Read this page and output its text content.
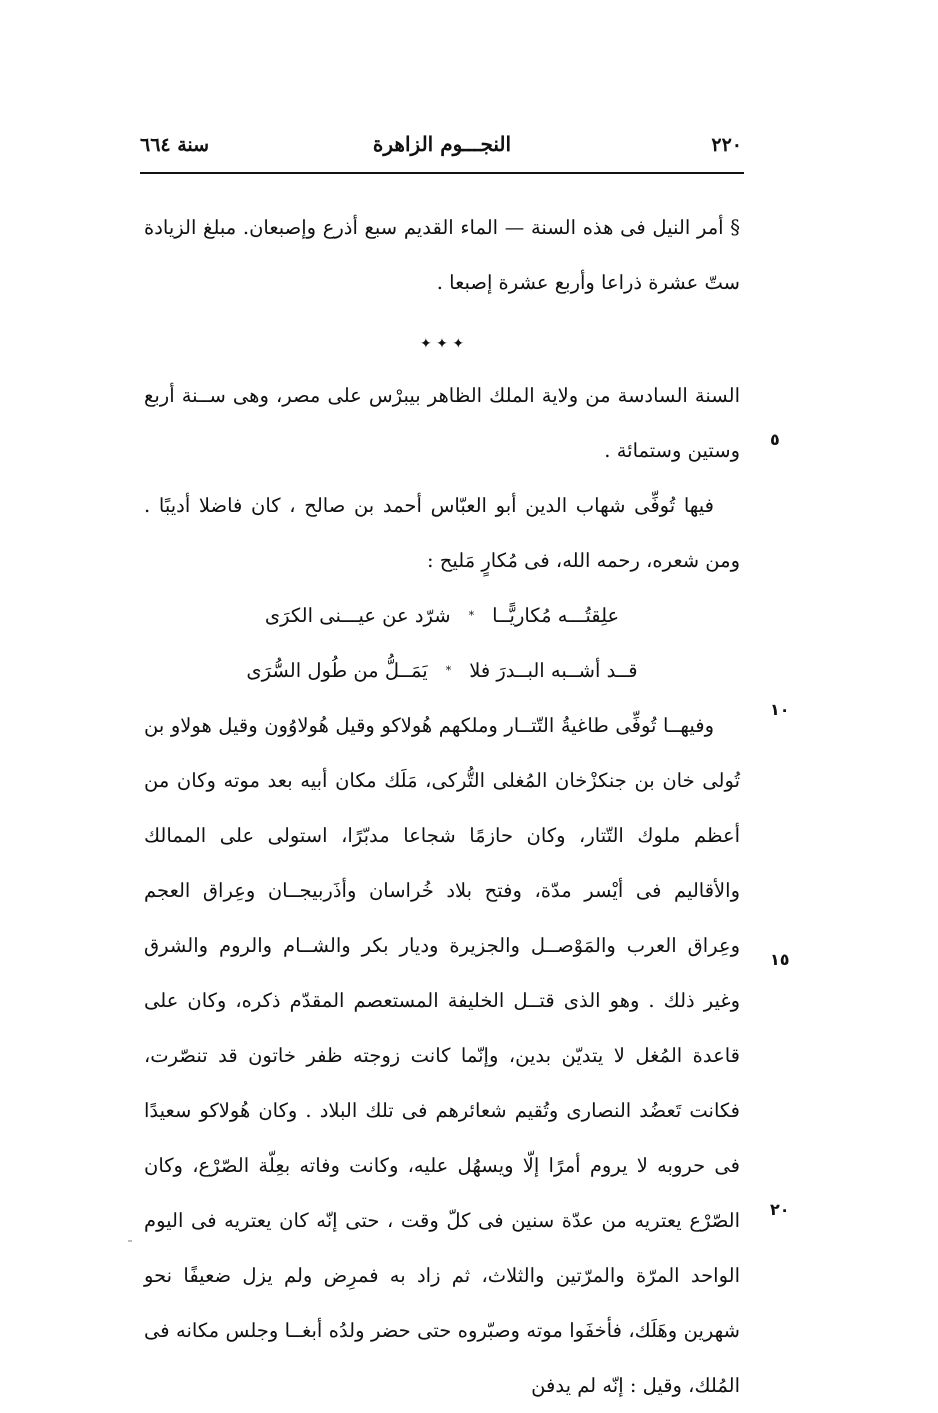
٢٢٠
النجـــوم الزاهرة
سنة ٦٦٤

§ أمر النيل فى هذه السنة — الماء القديم سبع أذرع وإصبعان. مبلغ الزيادة ستّ عشرة ذراعا وأربع عشرة إصبعا .

✦ ✦ ✦

السنة السادسة من ولاية الملك الظاهر بيبرْس على مصر، وهى ســنة أربع وستين وستمائة .

فيها تُوفِّى شهاب الدين أبو العبّاس أحمد بن صالح ، كان فاضلا أديبًا . ومن شعره، رحمه الله، فى مُكارٍ مَليح :

علِقتُـــه مُكاريًّــا
*
شرّد عن عيـــنى الكرَى
قــد أشــبه البــدرَ فلا
*
يَمَــلُّ من طُول السُّرَى

وفيهــا تُوفِّى طاغيةُ التّتــار وملكهم هُولاكو وقيل هُولاوُون وقيل هولاو بن تُولى خان بن جنكزْخان المُغلى التُّركى، مَلَك مكان أبيه بعد موته وكان من أعظم ملوك التّتار، وكان حازمًا شجاعا مدبّرًا، استولى على الممالك والأقاليم فى أيْسر مدّة، وفتح بلاد خُراسان وأذَربيجــان وعِراق العجم وعِراق العرب والمَوْصــل والجزيرة وديار بكر والشــام والروم والشرق وغير ذلك . وهو الذى قتــل الخليفة المستعصم المقدّم ذكره، وكان على قاعدة المُغل لا يتديّن بدين، وإنّما كانت زوجته ظفر خاتون قد تنصّرت، فكانت تَعضُد النصارى وتُقيم شعائرهم فى تلك البلاد . وكان هُولاكو سعيدًا فى حروبه لا يروم أمرًا إلّا ويسهُل عليه، وكانت وفاته بعِلّة الصّرْع، وكان الصّرْع يعتريه من عدّة سنين فى كلّ وقت ، حتى إنّه كان يعتريه فى اليوم الواحد المرّة والمرّتين والثلاث، ثم زاد به فمرِض ولم يزل ضعيفًا نحو شهرين وهَلَك، فأخفَوا موته وصبّروه حتى حضر ولدُه أبغــا وجلس مكانه فى المُلك، وقيل : إنّه لم يدفن

٥
١٠
١٥
٢٠
